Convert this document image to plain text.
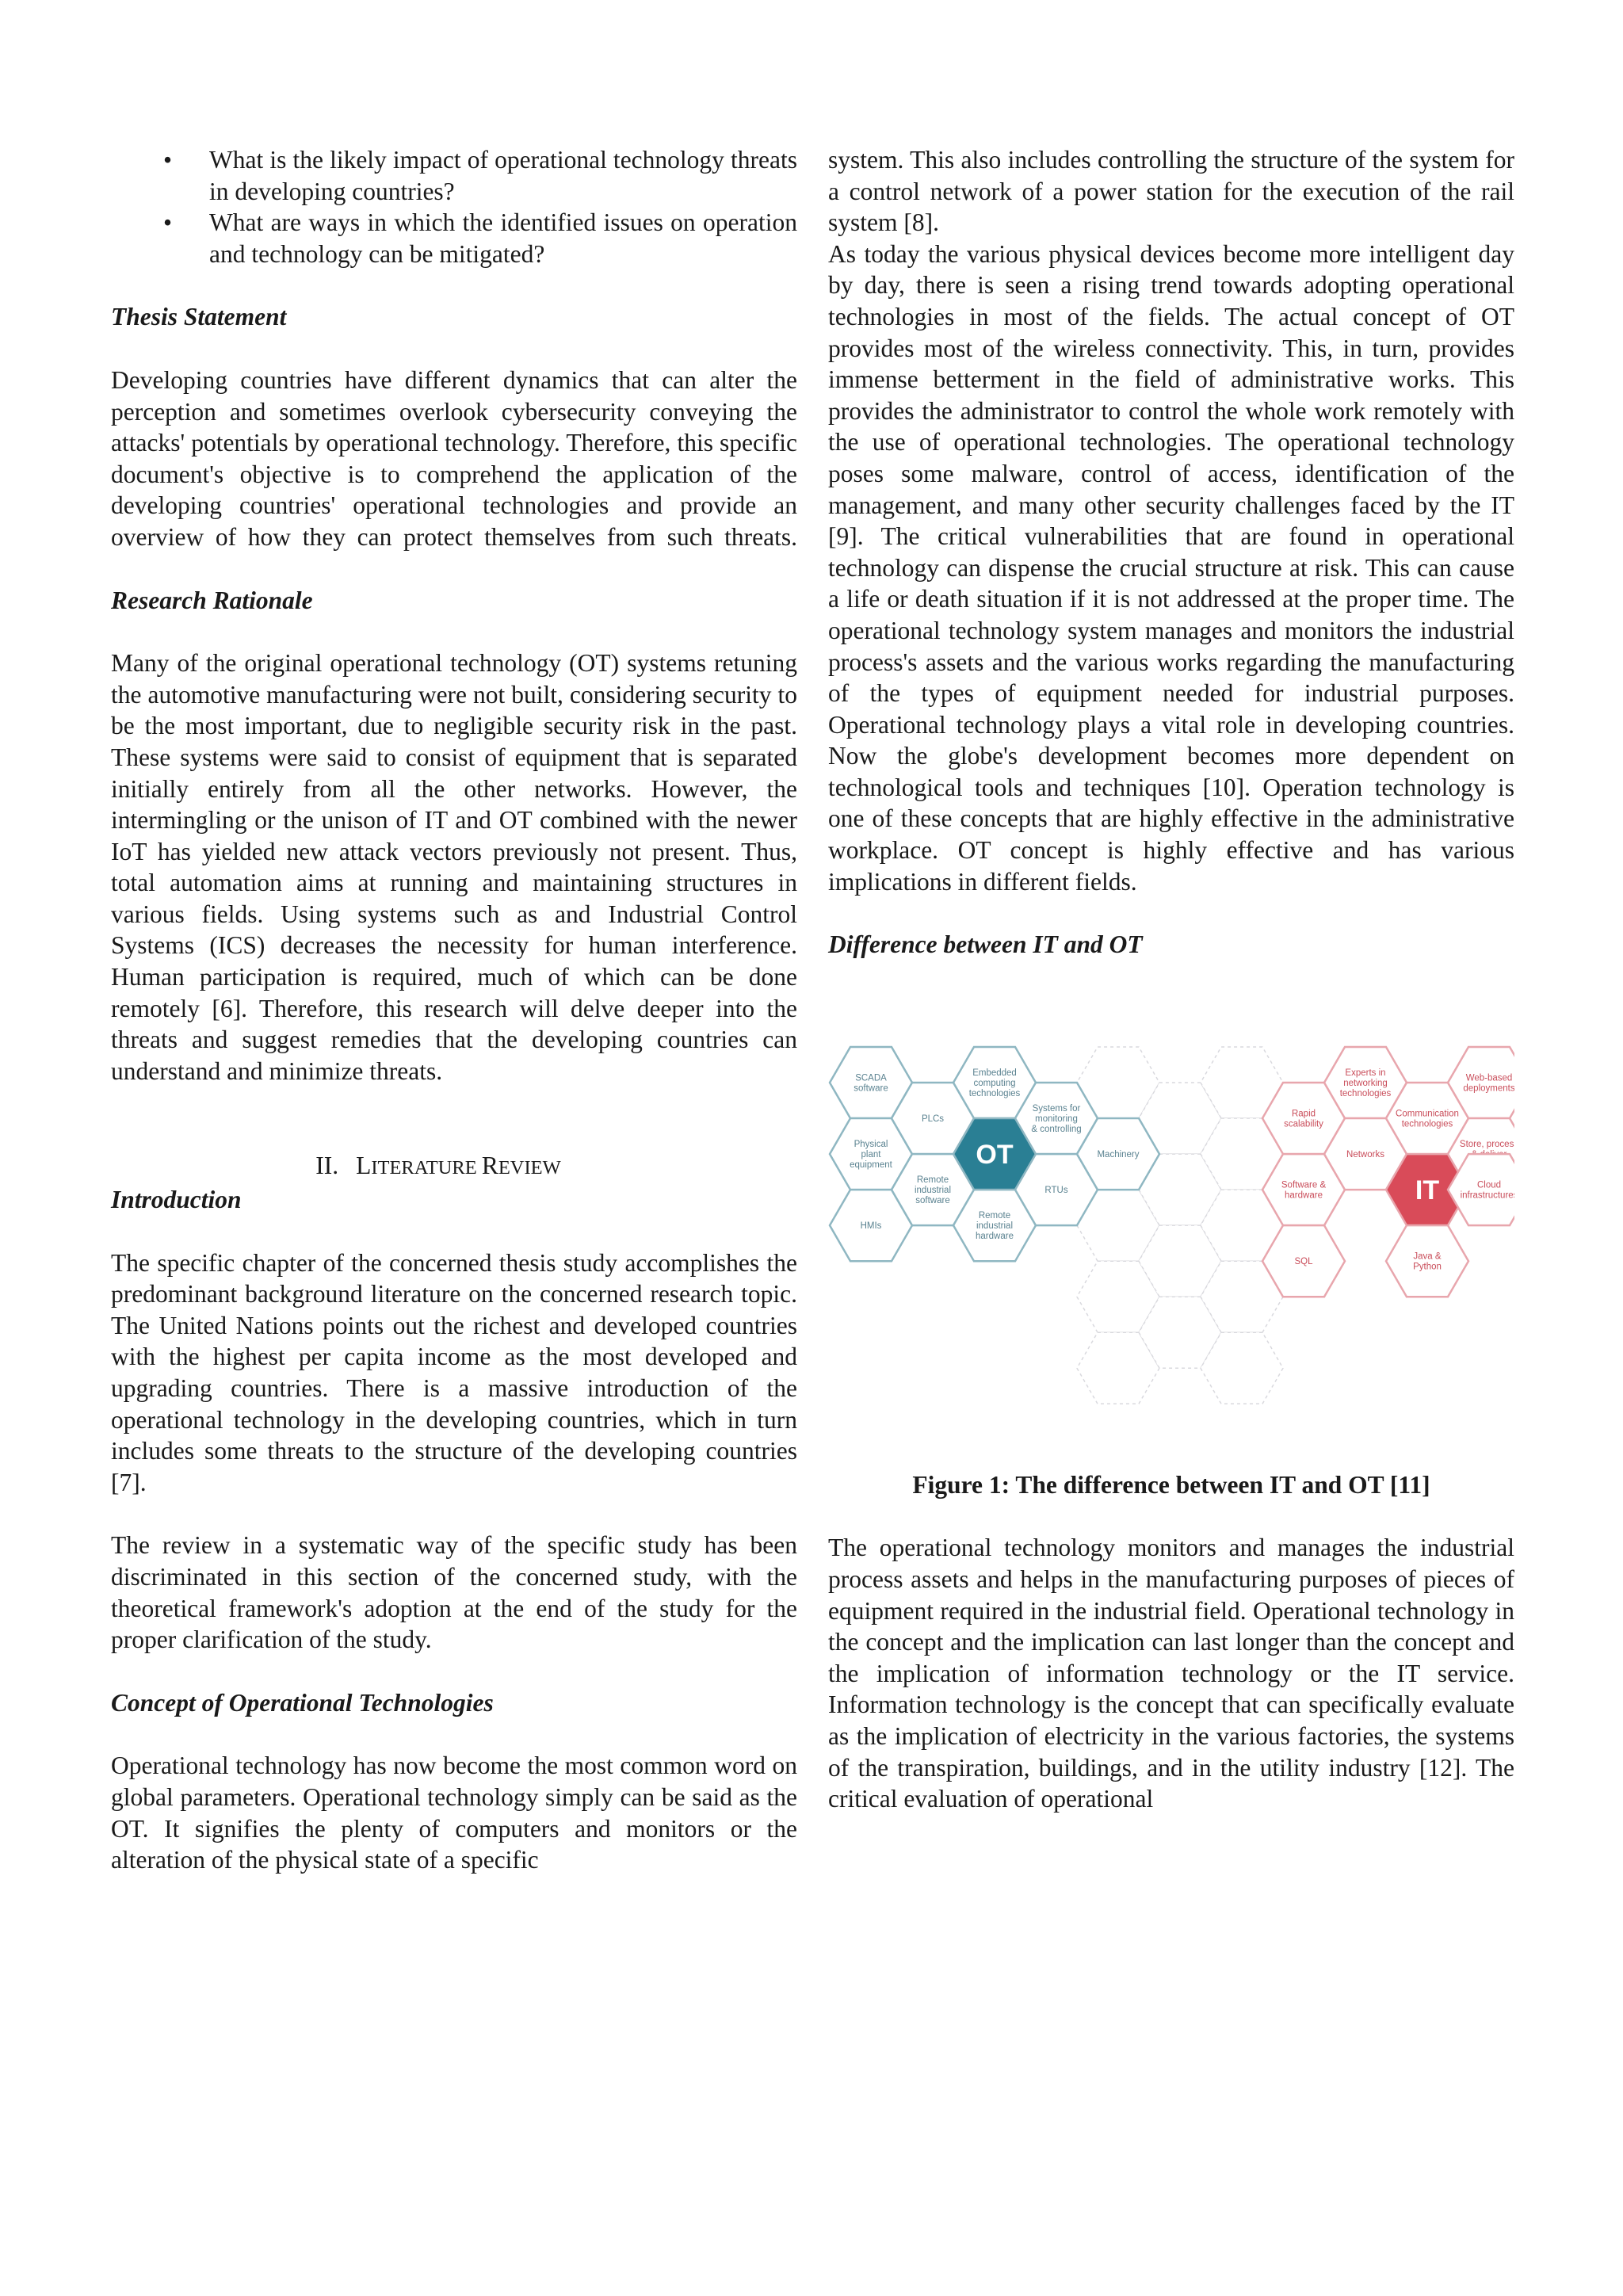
• What is the likely impact of operational technology threats in developing countries?
• What are ways in which the identified issues on operation and technology can be mitigated?
Thesis Statement

Developing countries have different dynamics that can alter the perception and sometimes overlook cybersecurity conveying the attacks' potentials by operational technology. Therefore, this specific document's objective is to comprehend the application of the developing countries' operational technologies and provide an overview of how they can protect themselves from such threats.

Research Rationale

Many of the original operational technology (OT) systems retuning the automotive manufacturing were not built, considering security to be the most important, due to negligible security risk in the past. These systems were said to consist of equipment that is separated initially entirely from all the other networks. However, the intermingling or the unison of IT and OT combined with the newer IoT has yielded new attack vectors previously not present. Thus, total automation aims at running and maintaining structures in various fields. Using systems such as and Industrial Control Systems (ICS) decreases the necessity for human interference. Human participation is required, much of which can be done remotely [6]. Therefore, this research will delve deeper into the threats and suggest remedies that the developing countries can understand and minimize threats.

II. LITERATURE REVIEW
Introduction

The specific chapter of the concerned thesis study accomplishes the predominant background literature on the concerned research topic. The United Nations points out the richest and developed countries with the highest per capita income as the most developed and upgrading countries. There is a massive introduction of the operational technology in the developing countries, which in turn includes some threats to the structure of the developing countries [7].

The review in a systematic way of the specific study has been discriminated in this section of the concerned study, with the theoretical framework's adoption at the end of the study for the proper clarification of the study.

Concept of Operational Technologies

Operational technology has now become the most common word on global parameters. Operational technology simply can be said as the OT. It signifies the plenty of computers and monitors or the alteration of the physical state of a specific

system. This also includes controlling the structure of the system for a control network of a power station for the execution of the rail system [8].

As today the various physical devices become more intelligent day by day, there is seen a rising trend towards adopting operational technologies in most of the fields. The actual concept of OT provides most of the wireless connectivity. This, in turn, provides immense betterment in the field of administrative works. This provides the administrator to control the whole work remotely with the use of operational technologies. The operational technology poses some malware, control of access, identification of the management, and many other security challenges faced by the IT [9]. The critical vulnerabilities that are found in operational technology can dispense the crucial structure at risk. This can cause a life or death situation if it is not addressed at the proper time. The operational technology system manages and monitors the industrial process's assets and the various works regarding the manufacturing of the types of equipment needed for industrial purposes. Operational technology plays a vital role in developing countries. Now the globe's development becomes more dependent on technological tools and techniques [10]. Operation technology is one of these concepts that are highly effective in the administrative workplace. OT concept is highly effective and has various implications in different fields.

Difference between IT and OT
SCADA
software
Physical
plant
equipment
HMIs
PLCs
Remote
industrial
software
Embedded
computing
technologies
OT
Remote
industrial
hardware
Systems for
monitoring
& controlling
RTUs
Machinery
Rapid
scalability
Software &
hardware
SQL
Experts in
networking
technologies
Networks
Communication
technologies
IT
Java &
Python
Web-based
deployments
Store, process
Cloud
infrastructures

Figure 1: The difference between IT and OT [11]

The operational technology monitors and manages the industrial process assets and helps in the manufacturing purposes of pieces of equipment required in the industrial field. Operational technology in the concept and the implication can last longer than the concept and the implication of information technology or the IT service. Information technology is the concept that can specifically evaluate as the implication of electricity in the various factories, the systems of the transpiration, buildings, and in the utility industry [12]. The critical evaluation of operational
